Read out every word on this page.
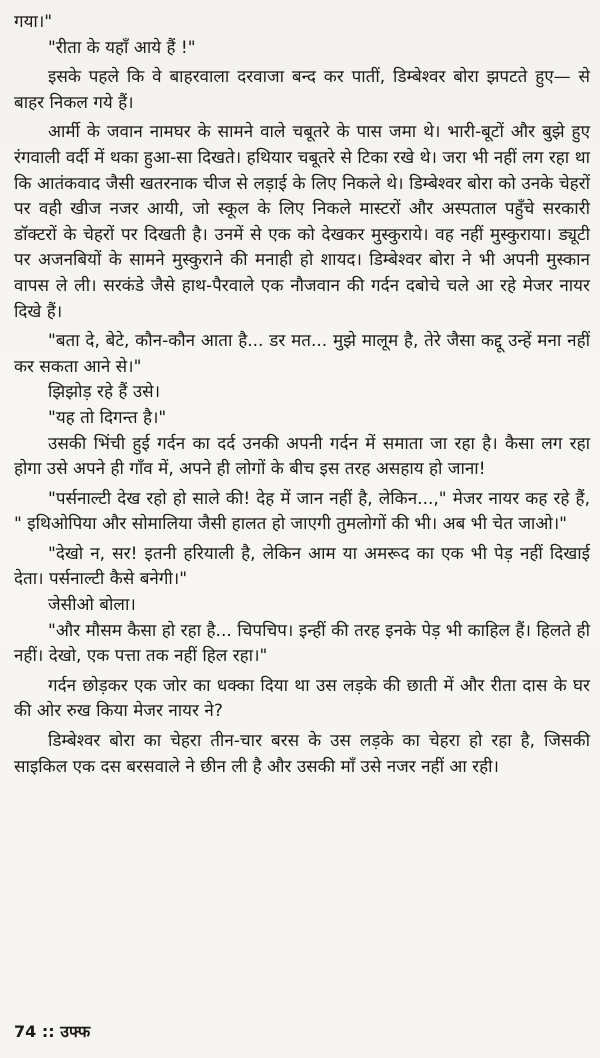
गया।"

"रीता के यहाँ आये हैं !"

इसके पहले कि वे बाहरवाला दरवाजा बन्द कर पातीं, डिम्बेश्वर बोरा झपटते हुए— से बाहर निकल गये हैं।

आर्मी के जवान नामघर के सामने वाले चबूतरे के पास जमा थे। भारी-बूटों और बुझे हुए रंगवाली वर्दी में थका हुआ-सा दिखते। हथियार चबूतरे से टिका रखे थे। जरा भी नहीं लग रहा था कि आतंकवाद जैसी खतरनाक चीज से लड़ाई के लिए निकले थे। डिम्बेश्वर बोरा को उनके चेहरों पर वही खीज नजर आयी, जो स्कूल के लिए निकले मास्टरों और अस्पताल पहुँचे सरकारी डॉक्टरों के चेहरों पर दिखती है। उनमें से एक को देखकर मुस्कुराये। वह नहीं मुस्कुराया। ड्यूटी पर अजनबियों के सामने मुस्कुराने की मनाही हो शायद। डिम्बेश्वर बोरा ने भी अपनी मुस्कान वापस ले ली। सरकंडे जैसे हाथ-पैरवाले एक नौजवान की गर्दन दबोचे चले आ रहे मेजर नायर दिखे हैं।

"बता दे, बेटे, कौन-कौन आता है... डर मत... मुझे मालूम है, तेरे जैसा कद्दू उन्हें मना नहीं कर सकता आने से।"

झिझोड़ रहे हैं उसे।

"यह तो दिगन्त है।"

उसकी भिंची हुई गर्दन का दर्द उनकी अपनी गर्दन में समाता जा रहा है। कैसा लग रहा होगा उसे अपने ही गाँव में, अपने ही लोगों के बीच इस तरह असहाय हो जाना!

"पर्सनाल्टी देख रहो हो साले की! देह में जान नहीं है, लेकिन...," मेजर नायर कह रहे हैं, " इथिओपिया और सोमालिया जैसी हालत हो जाएगी तुमलोगों की भी। अब भी चेत जाओ।"

"देखो न, सर! इतनी हरियाली है, लेकिन आम या अमरूद का एक भी पेड़ नहीं दिखाई देता। पर्सनाल्टी कैसे बनेगी।"

जेसीओ बोला।

"और मौसम कैसा हो रहा है... चिपचिप। इन्हीं की तरह इनके पेड़ भी काहिल हैं। हिलते ही नहीं। देखो, एक पत्ता तक नहीं हिल रहा।"

गर्दन छोड़कर एक जोर का धक्का दिया था उस लड़के की छाती में और रीता दास के घर की ओर रुख किया मेजर नायर ने?

डिम्बेश्वर बोरा का चेहरा तीन-चार बरस के उस लड़के का चेहरा हो रहा है, जिसकी साइकिल एक दस बरसवाले ने छीन ली है और उसकी माँ उसे नजर नहीं आ रही।

74 :: उफ्फ
